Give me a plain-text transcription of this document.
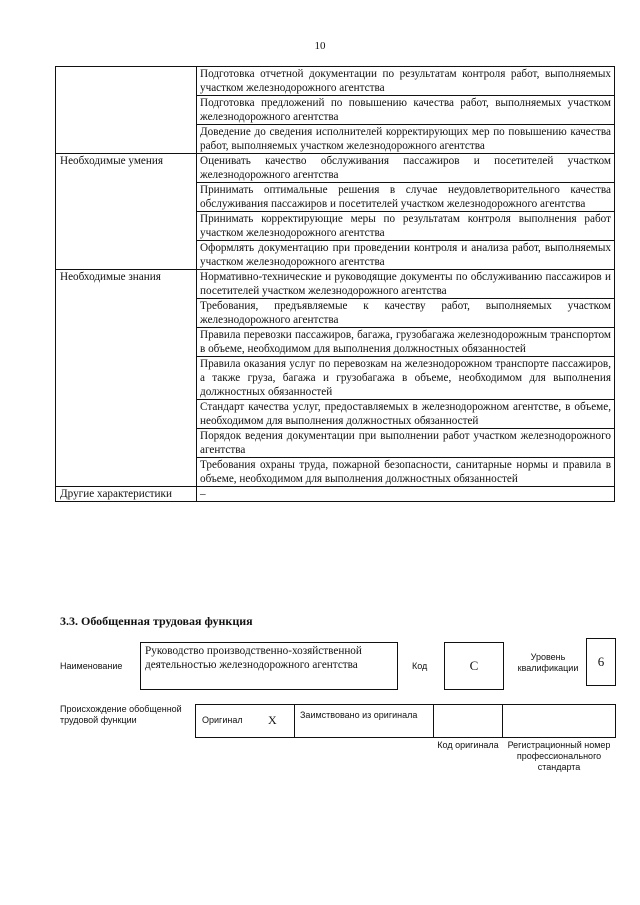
10
	Подготовка отчетной документации по результатам контроля работ, выполняемых участком железнодорожного агентства
	Подготовка предложений по повышению качества работ, выполняемых участком железнодорожного агентства
	Доведение до сведения исполнителей корректирующих мер по повышению качества работ, выполняемых участком железнодорожного агентства
Необходимые умения	Оценивать качество обслуживания пассажиров и посетителей участком железнодорожного агентства
	Принимать оптимальные решения в случае неудовлетворительного качества обслуживания пассажиров и посетителей участком железнодорожного агентства
	Принимать корректирующие меры по результатам контроля выполнения работ участком железнодорожного агентства
	Оформлять документацию при проведении контроля и анализа работ, выполняемых участком железнодорожного агентства
Необходимые знания	Нормативно-технические и руководящие документы по обслуживанию пассажиров и посетителей участком железнодорожного агентства
	Требования, предъявляемые к качеству работ, выполняемых участком железнодорожного агентства
	Правила перевозки пассажиров, багажа, грузобагажа железнодорожным транспортом в объеме, необходимом для выполнения должностных обязанностей
	Правила оказания услуг по перевозкам на железнодорожном транспорте пассажиров, а также груза, багажа и грузобагажа в объеме, необходимом для выполнения должностных обязанностей
	Стандарт качества услуг, предоставляемых в железнодорожном агентстве, в объеме, необходимом для выполнения должностных обязанностей
	Порядок ведения документации при выполнении работ участком железнодорожного агентства
	Требования охраны труда, пожарной безопасности, санитарные нормы и правила в объеме, необходимом для выполнения должностных обязанностей
Другие характеристики	–
3.3. Обобщенная трудовая функция
Наименование
Руководство производственно-хозяйственной деятельностью железнодорожного агентства	Код	C
Уровень квалификации	6
Происхождение обобщенной трудовой функции	Оригинал X	Заимствовано из оригинала
Код оригинала Регистрационный номер профессионального стандарта
